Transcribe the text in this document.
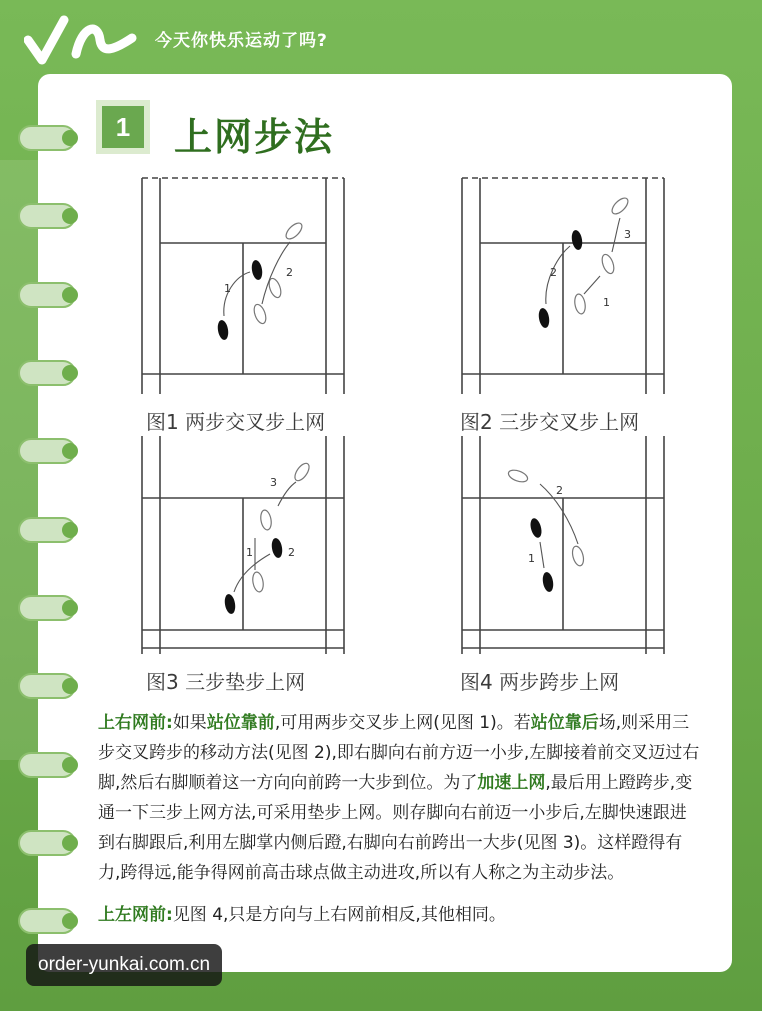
今天你快乐运动了吗?
1	上网步法
1
2
图1 两步交叉步上网
2
1
3
图2 三步交叉步上网
1	2
3
图3 三步垫步上网
1
2
图4 两步跨步上网

上右网前:如果站位靠前,可用两步交叉步上网(见图 1)。若站位靠后场,则采用三步交叉跨步的移动方法(见图 2),即右脚向右前方迈一小步,左脚接着前交叉迈过右脚,然后右脚顺着这一方向向前跨一大步到位。为了加速上网,最后用上蹬跨步,变通一下三步上网方法,可采用垫步上网。则存脚向右前迈一小步后,左脚快速跟进到右脚跟后,利用左脚掌内侧后蹬,右脚向右前跨出一大步(见图 3)。这样蹬得有力,跨得远,能争得网前高击球点做主动进攻,所以有人称之为主动步法。

上左网前:见图 4,只是方向与上右网前相反,其他相同。

order-yunkai.com.cn
